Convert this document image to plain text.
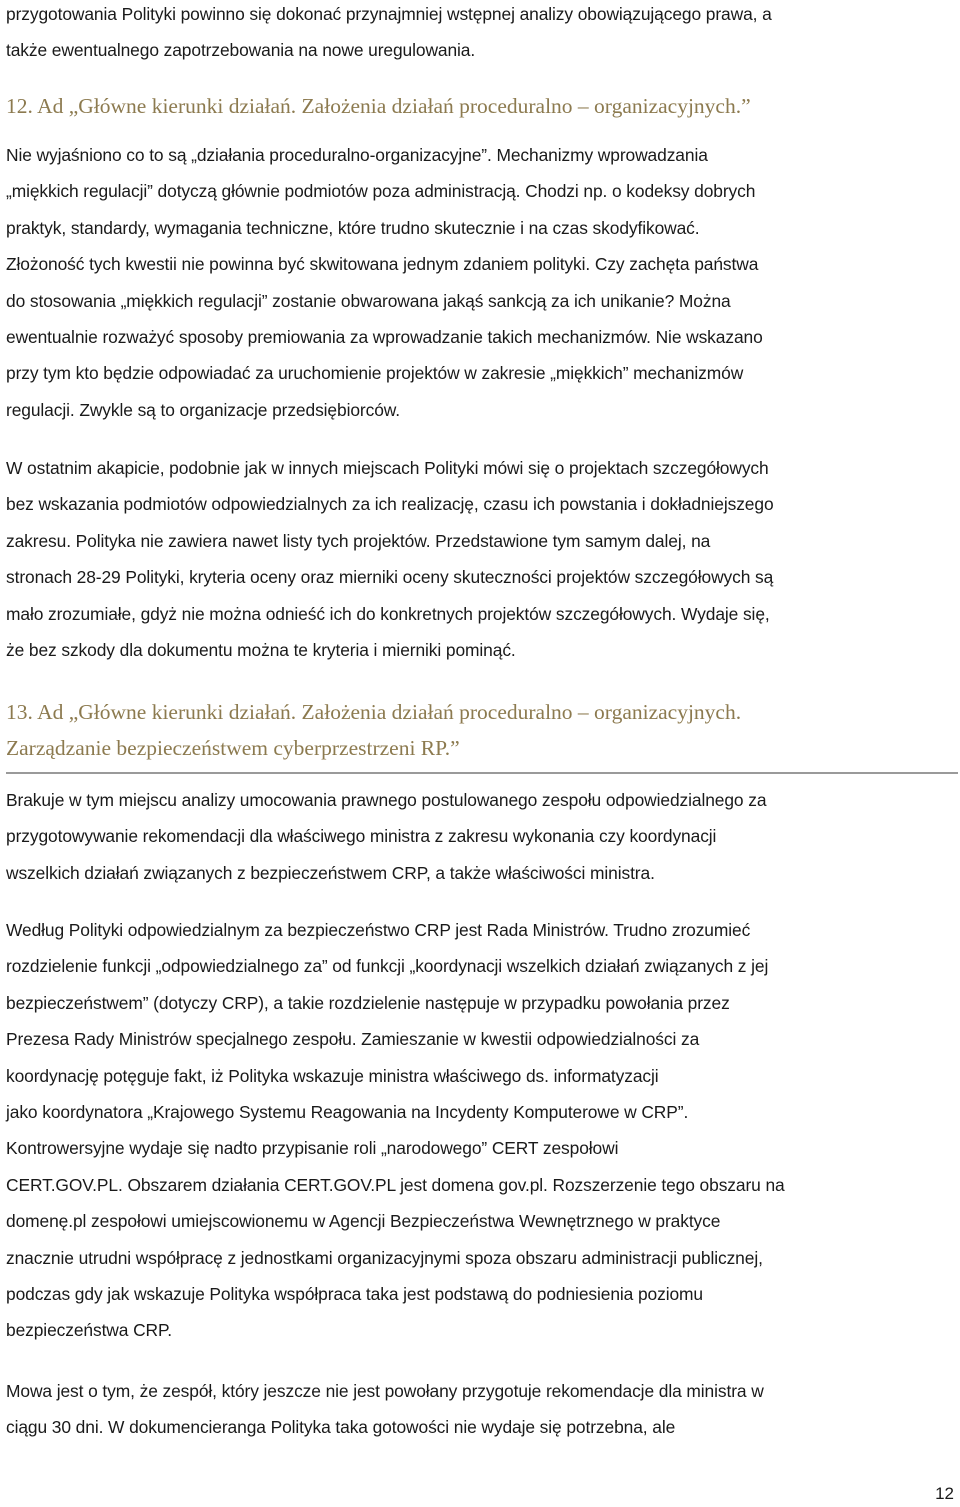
przygotowania Polityki powinno się dokonać przynajmniej wstępnej analizy obowiązującego prawa, a
także ewentualnego zapotrzebowania na nowe uregulowania.
12. Ad „Główne kierunki działań. Założenia działań proceduralno – organizacyjnych.”
Nie wyjaśniono co to są „działania proceduralno-organizacyjne”. Mechanizmy wprowadzania
„miękkich regulacji” dotyczą głównie podmiotów poza administracją. Chodzi np. o kodeksy dobrych
praktyk, standardy, wymagania techniczne, które trudno skutecznie i na czas skodyfikować.
Złożoność tych kwestii nie powinna być skwitowana jednym zdaniem polityki. Czy zachęta państwa
do stosowania „miękkich regulacji” zostanie obwarowana jakąś sankcją za ich unikanie? Można
ewentualnie rozważyć sposoby premiowania za wprowadzanie takich mechanizmów. Nie wskazano
przy tym kto będzie odpowiadać za uruchomienie projektów w zakresie „miękkich” mechanizmów
regulacji. Zwykle są to organizacje przedsiębiorców.
W ostatnim akapicie, podobnie jak w innych miejscach Polityki mówi się o projektach szczegółowych
bez wskazania podmiotów odpowiedzialnych za ich realizację, czasu ich powstania i dokładniejszego
zakresu. Polityka nie zawiera nawet listy tych projektów. Przedstawione tym samym dalej, na
stronach 28-29 Polityki, kryteria oceny oraz mierniki oceny skuteczności projektów szczegółowych są
mało zrozumiałe, gdyż nie można odnieść ich do konkretnych projektów szczegółowych. Wydaje się,
że bez szkody dla dokumentu można te kryteria i mierniki pominąć.
13. Ad „Główne kierunki działań. Założenia działań proceduralno – organizacyjnych.
Zarządzanie bezpieczeństwem cyberprzestrzeni RP.”
Brakuje w tym miejscu analizy umocowania prawnego postulowanego zespołu odpowiedzialnego za
przygotowywanie rekomendacji dla właściwego ministra z zakresu wykonania czy koordynacji
wszelkich działań związanych z bezpieczeństwem CRP, a także właściwości ministra.
Według Polityki odpowiedzialnym za bezpieczeństwo CRP jest Rada Ministrów. Trudno zrozumieć
rozdzielenie funkcji „odpowiedzialnego za” od funkcji „koordynacji wszelkich działań związanych z jej
bezpieczeństwem” (dotyczy CRP), a takie rozdzielenie następuje w przypadku powołania przez
Prezesa Rady Ministrów specjalnego zespołu. Zamieszanie w kwestii odpowiedzialności za
koordynację potęguje fakt, iż Polityka wskazuje ministra właściwego ds. informatyzacji
jako koordynatora „Krajowego Systemu Reagowania na Incydenty Komputerowe w CRP”.
Kontrowersyjne wydaje się nadto przypisanie roli „narodowego” CERT zespołowi
CERT.GOV.PL. Obszarem działania CERT.GOV.PL jest domena gov.pl. Rozszerzenie tego obszaru na
domenę.pl zespołowi umiejscowionemu w Agencji Bezpieczeństwa Wewnętrznego w praktyce
znacznie utrudni współpracę z jednostkami organizacyjnymi spoza obszaru administracji publicznej,
podczas gdy jak wskazuje Polityka współpraca taka jest podstawą do podniesienia poziomu
bezpieczeństwa CRP.
Mowa jest o tym, że zespół, który jeszcze nie jest powołany przygotuje rekomendacje dla ministra w
ciągu 30 dni. W dokumencieranga Polityka taka gotowości nie wydaje się potrzebna, ale
12
